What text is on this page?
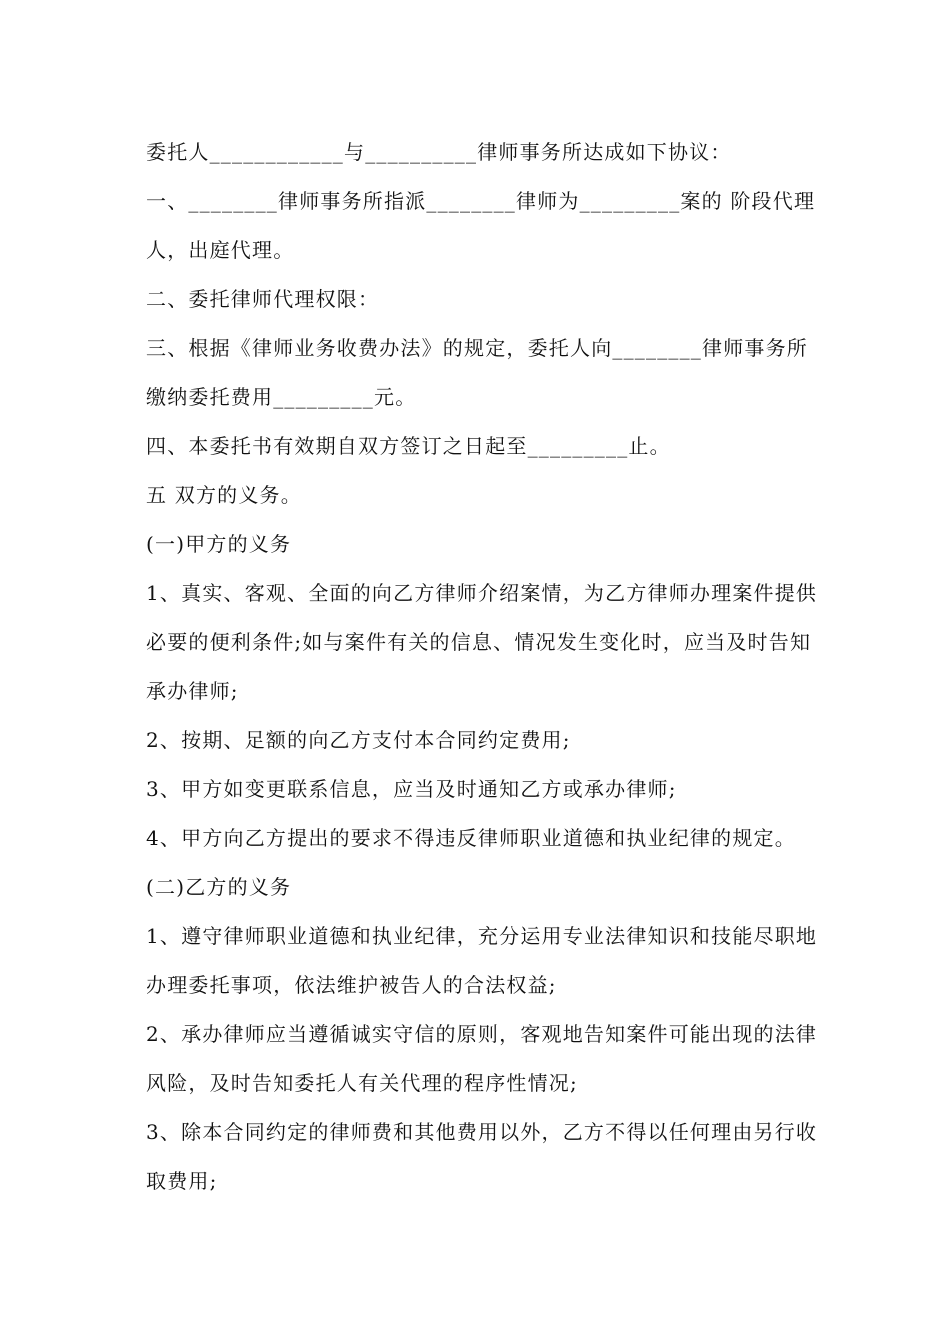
委托人____________与__________律师事务所达成如下协议：

一、________律师事务所指派________律师为_________案的 阶段代理人，出庭代理。

二、委托律师代理权限：

三、根据《律师业务收费办法》的规定，委托人向________律师事务所缴纳委托费用_________元。

四、本委托书有效期自双方签订之日起至_________止。

五 双方的义务。

(一)甲方的义务

1、真实、客观、全面的向乙方律师介绍案情，为乙方律师办理案件提供必要的便利条件;如与案件有关的信息、情况发生变化时，应当及时告知承办律师;

2、按期、足额的向乙方支付本合同约定费用;

3、甲方如变更联系信息，应当及时通知乙方或承办律师;

4、甲方向乙方提出的要求不得违反律师职业道德和执业纪律的规定。

(二)乙方的义务

1、遵守律师职业道德和执业纪律，充分运用专业法律知识和技能尽职地办理委托事项，依法维护被告人的合法权益;

2、承办律师应当遵循诚实守信的原则，客观地告知案件可能出现的法律风险，及时告知委托人有关代理的程序性情况;

3、除本合同约定的律师费和其他费用以外，乙方不得以任何理由另行收取费用;
